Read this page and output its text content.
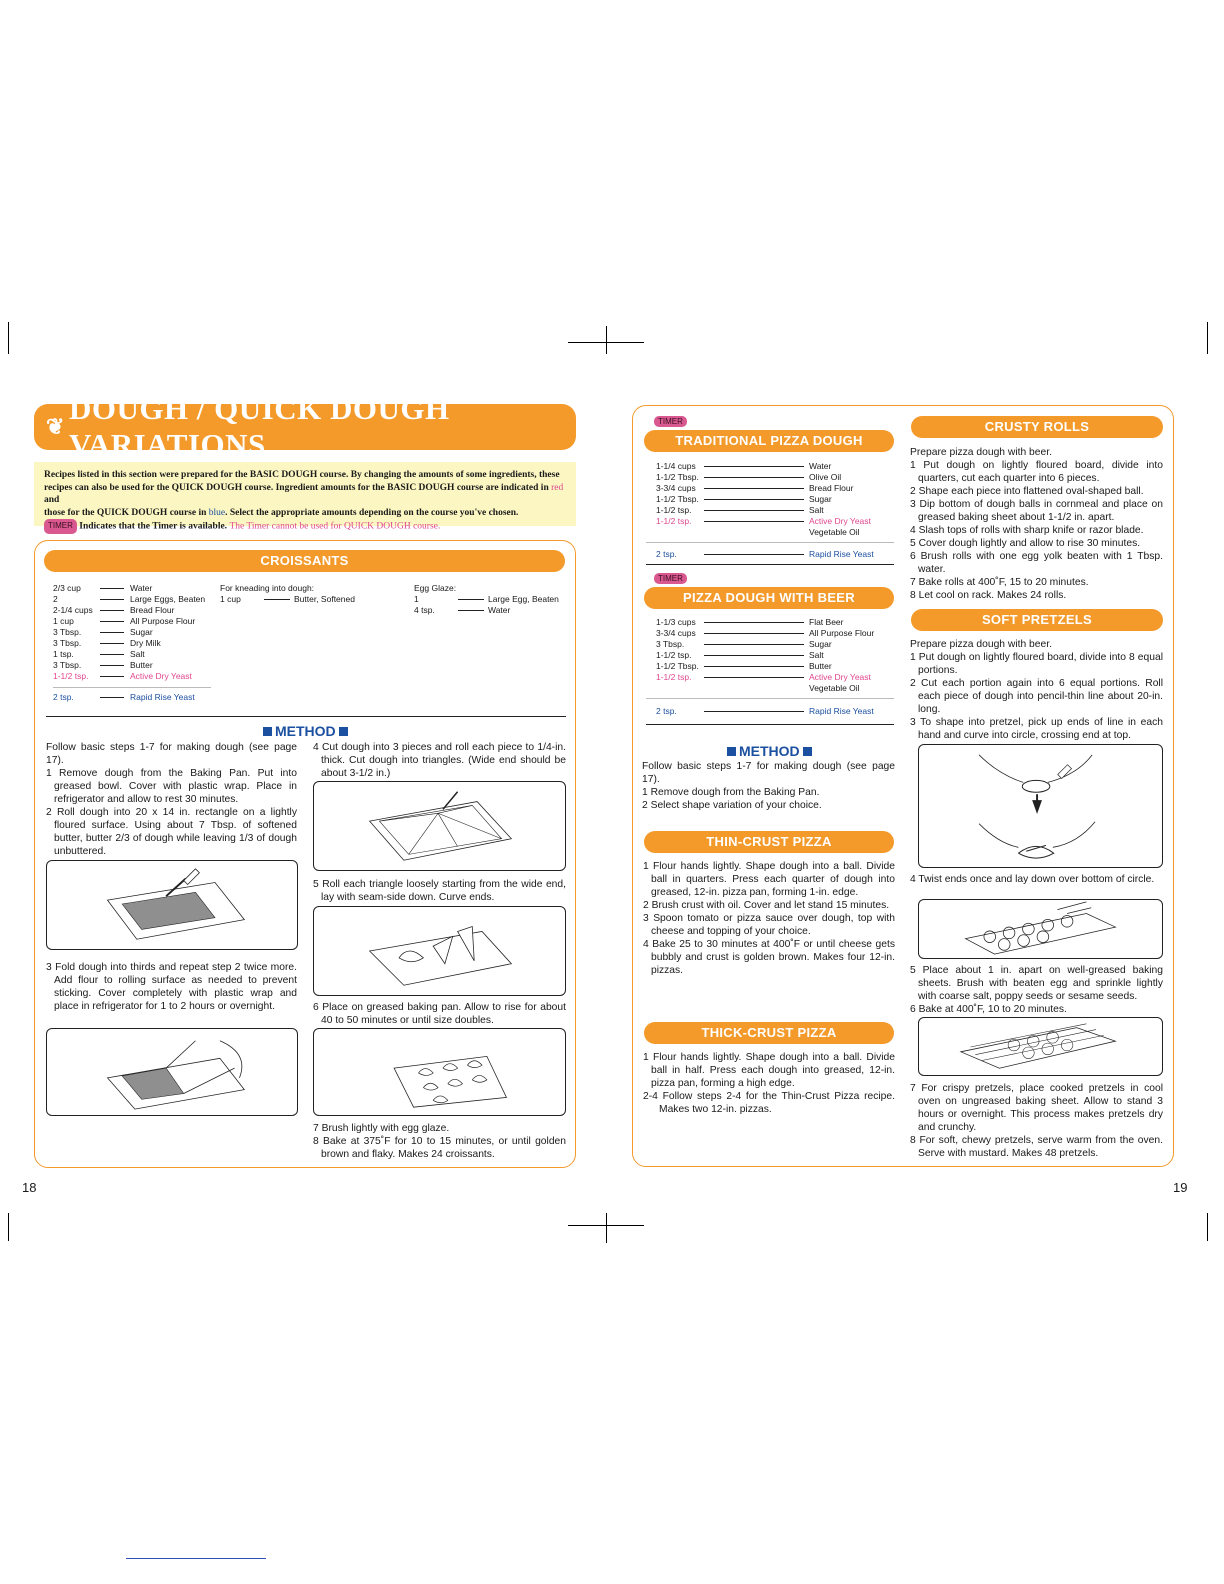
18	19
❦
DOUGH / QUICK DOUGH VARIATIONS
Recipes listed in this section were prepared for the BASIC DOUGH course. By changing the amounts of some ingredients, these
recipes can also be used for the QUICK DOUGH course. Ingredient amounts for the BASIC DOUGH course are indicated in red and
those for the QUICK DOUGH course in blue. Select the appropriate amounts depending on the course you've chosen.
TIMER Indicates that the Timer is available. The Timer cannot be used for QUICK DOUGH course.
CROISSANTS
2/3 cup	Water
2	Large Eggs, Beaten
2-1/4 cups	Bread Flour
1 cup	All Purpose Flour
3 Tbsp.	Sugar
3 Tbsp.	Dry Milk
1 tsp.	Salt
3 Tbsp.	Butter
1-1/2 tsp.	Active Dry Yeast
2 tsp.	Rapid Rise Yeast
For kneading into dough:
1 cup	Butter, Softened
Egg Glaze:
1	Large Egg, Beaten
4 tsp.	Water
METHOD

Follow basic steps 1-7 for making dough (see page 17).

1 Remove dough from the Baking Pan. Put into greased bowl. Cover with plastic wrap. Place in refrigerator and allow to rest 30 minutes.

2 Roll dough into 20 x 14 in. rectangle on a lightly floured surface. Using about 7 Tbsp. of softened butter, butter 2/3 of dough while leaving 1/3 of dough unbuttered.

3 Fold dough into thirds and repeat step 2 twice more. Add flour to rolling surface as needed to prevent sticking. Cover completely with plastic wrap and place in refrigerator for 1 to 2 hours or overnight.

4 Cut dough into 3 pieces and roll each piece to 1/4-in. thick. Cut dough into triangles. (Wide end should be about 3-1/2 in.)

5 Roll each triangle loosely starting from the wide end, lay with seam-side down. Curve ends.

6 Place on greased baking pan. Allow to rise for about 40 to 50 minutes or until size doubles.

7 Brush lightly with egg glaze.

8 Bake at 375˚F for 10 to 15 minutes, or until golden brown and flaky. Makes 24 croissants.

TIMER
TRADITIONAL PIZZA DOUGH
1-1/4 cups	Water
1-1/2 Tbsp.	Olive Oil
3-3/4 cups	Bread Flour
1-1/2 Tbsp.	Sugar
1-1/2 tsp.	Salt
1-1/2 tsp.	Active Dry Yeast
Vegetable Oil
2 tsp.	Rapid Rise Yeast
TIMER
PIZZA DOUGH WITH BEER
1-1/3 cups	Flat Beer
3-3/4 cups	All Purpose Flour
3 Tbsp.	Sugar
1-1/2 tsp.	Salt
1-1/2 Tbsp.	Butter
1-1/2 tsp.	Active Dry Yeast
Vegetable Oil
2 tsp.	Rapid Rise Yeast
METHOD

Follow basic steps 1-7 for making dough (see page 17).

1 Remove dough from the Baking Pan.

2 Select shape variation of your choice.

THIN-CRUST PIZZA

1 Flour hands lightly. Shape dough into a ball. Divide ball in quarters. Press each quarter of dough into greased, 12-in. pizza pan, forming 1-in. edge.

2 Brush crust with oil. Cover and let stand 15 minutes.

3 Spoon tomato or pizza sauce over dough, top with cheese and topping of your choice.

4 Bake 25 to 30 minutes at 400˚F or until cheese gets bubbly and crust is golden brown. Makes four 12-in. pizzas.

THICK-CRUST PIZZA

1 Flour hands lightly. Shape dough into a ball. Divide ball in half. Press each dough into greased, 12-in. pizza pan, forming a high edge.

2-4 Follow steps 2-4 for the Thin-Crust Pizza recipe. Makes two 12-in. pizzas.

CRUSTY ROLLS

Prepare pizza dough with beer.

1 Put dough on lightly floured board, divide into quarters, cut each quarter into 6 pieces.

2 Shape each piece into flattened oval-shaped ball.

3 Dip bottom of dough balls in cornmeal and place on greased baking sheet about 1-1/2 in. apart.

4 Slash tops of rolls with sharp knife or razor blade.

5 Cover dough lightly and allow to rise 30 minutes.

6 Brush rolls with one egg yolk beaten with 1 Tbsp. water.

7 Bake rolls at 400˚F, 15 to 20 minutes.

8 Let cool on rack. Makes 24 rolls.

SOFT PRETZELS

Prepare pizza dough with beer.

1 Put dough on lightly floured board, divide into 8 equal portions.

2 Cut each portion again into 6 equal portions. Roll each piece of dough into pencil-thin line about 20-in. long.

3 To shape into pretzel, pick up ends of line in each hand and curve into circle, crossing end at top.

4 Twist ends once and lay down over bottom of circle.

5 Place about 1 in. apart on well-greased baking sheets. Brush with beaten egg and sprinkle lightly with coarse salt, poppy seeds or sesame seeds.

6 Bake at 400˚F, 10 to 20 minutes.

7 For crispy pretzels, place cooked pretzels in cool oven on ungreased baking sheet. Allow to stand 3 hours or overnight. This process makes pretzels dry and crunchy.

8 For soft, chewy pretzels, serve warm from the oven. Serve with mustard. Makes 48 pretzels.
